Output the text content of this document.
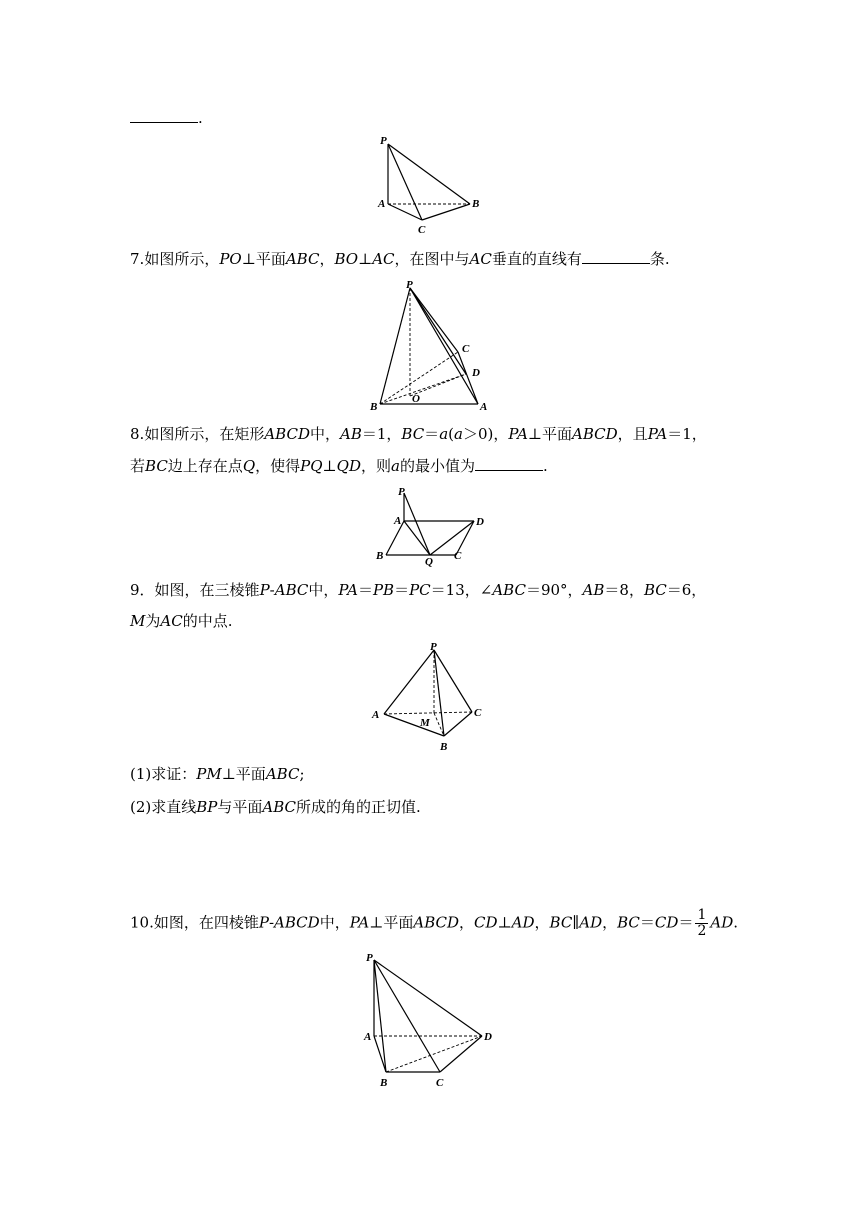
.

P
A	B
C

7.如图所示，PO⊥平面ABC，BO⊥AC，在图中与AC垂直的直线有	条.

P
C
D
B
O
A

8.如图所示，在矩形ABCD中，AB＝1，BC＝a(a＞0)，PA⊥平面ABCD，且PA＝1，

若BC边上存在点Q，使得PQ⊥QD，则a的最小值为	.

P
A	D
B	Q C

9．如图，在三棱锥P-ABC中，PA＝PB＝PC＝13，∠ABC＝90°，AB＝8，BC＝6，

M为AC的中点.

P
A
M
C
B

(1)求证：PM⊥平面ABC;

(2)求直线BP与平面ABC所成的角的正切值.

10.如图，在四棱锥P-ABCD中，PA⊥平面ABCD，CD⊥AD，BC∥AD，$BC=CD= \frac{1}{2}$ AD.

P
A	D
B	C
